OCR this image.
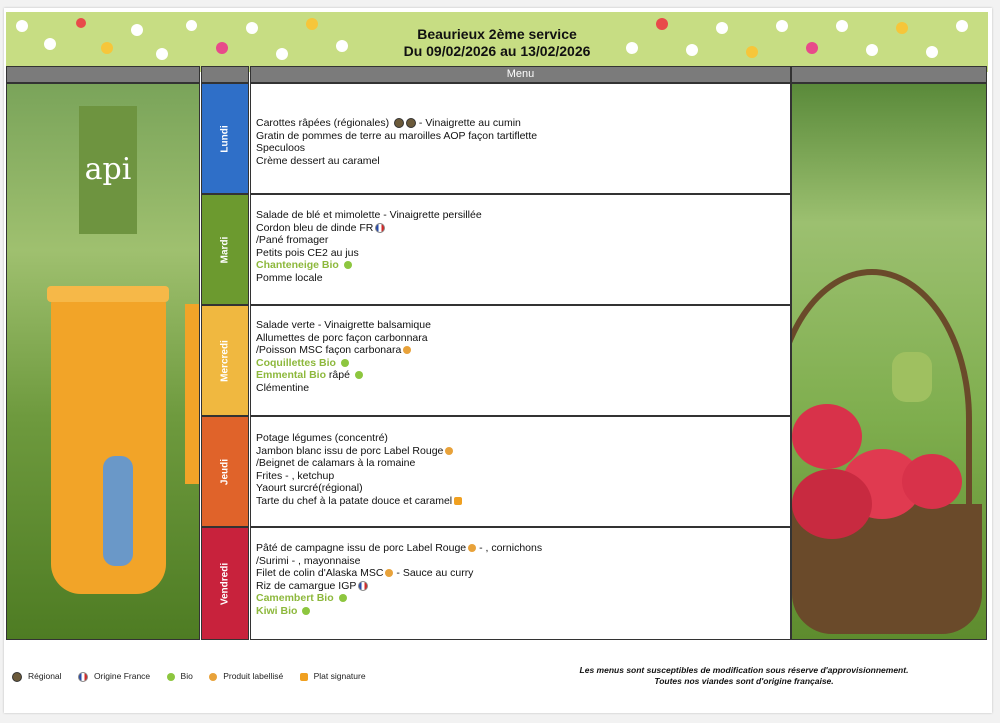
Beaurieux 2ème service
Du 09/02/2026 au 13/02/2026
Menu
api
Lundi
Carottes râpées (régionales)	- Vinaigrette au cumin
Gratin de pommes de terre au maroilles AOP façon tartiflette
Speculoos
Crème dessert au caramel
Mardi
Salade de blé et mimolette - Vinaigrette persillée
Cordon bleu de dinde FR
/Pané fromager
Petits pois CE2 au jus
Chanteneige Bio
Pomme locale
Mercredi
Salade verte - Vinaigrette balsamique
Allumettes de porc façon carbonnara
/Poisson MSC façon carbonara
Coquillettes Bio
Emmental Bio râpé
Clémentine
Jeudi
Potage légumes (concentré)
Jambon blanc issu de porc Label Rouge
/Beignet de calamars à la romaine
Frites - , ketchup
Yaourt surcré(régional)
Tarte du chef à la patate douce et caramel
Vendredi
Pâté de campagne issu de porc Label Rouge - , cornichons
/Surimi - , mayonnaise
Filet de colin d'Alaska MSC - Sauce au curry
Riz de camargue IGP
Camembert Bio
Kiwi Bio
Régional	Origine France	Bio	Produit labellisé	Plat signature
Les menus sont susceptibles de modification sous réserve d'approvisionnement.
Toutes nos viandes sont d'origine française.
